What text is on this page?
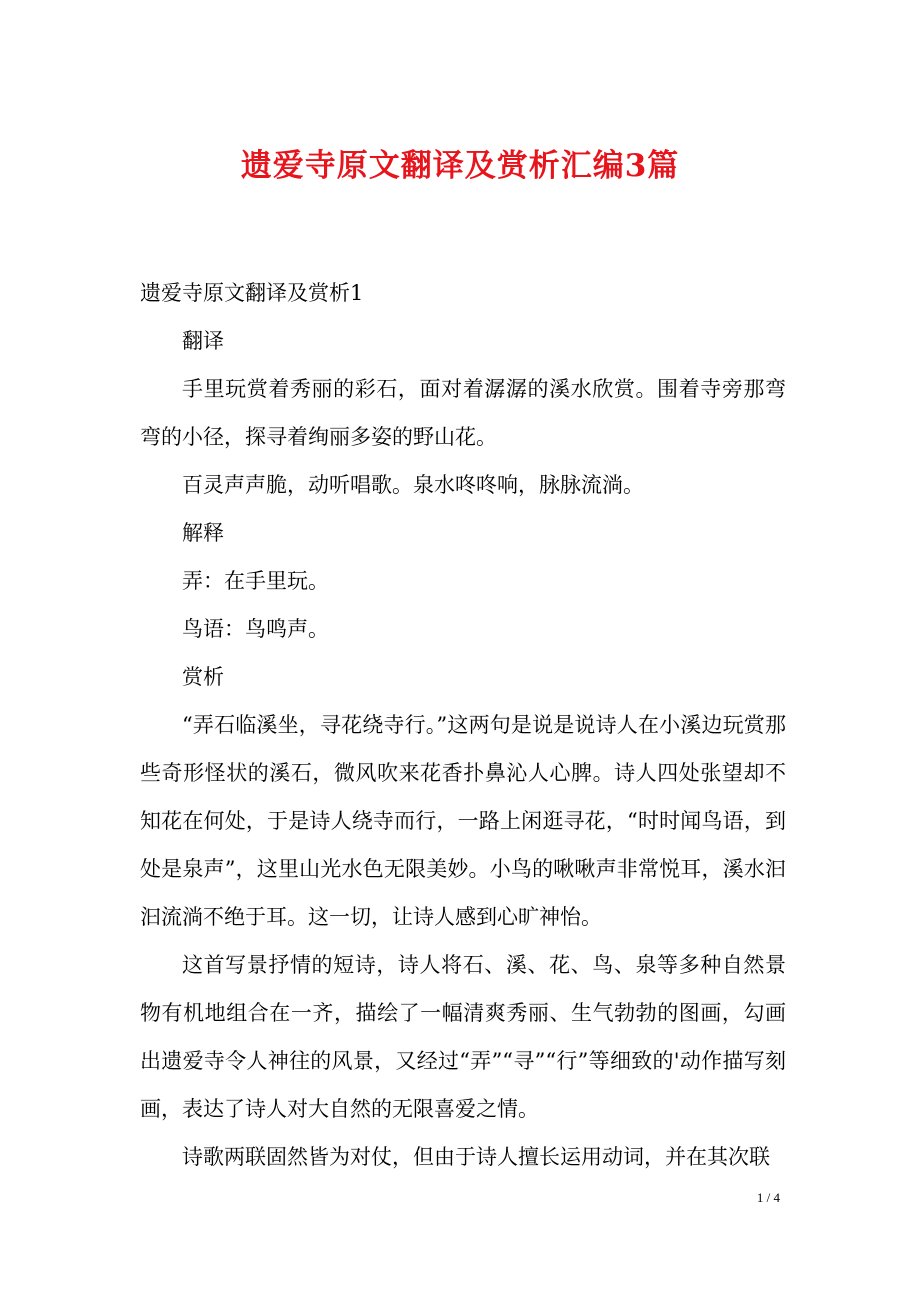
遗爱寺原文翻译及赏析汇编3篇

遗爱寺原文翻译及赏析1

翻译

手里玩赏着秀丽的彩石，面对着潺潺的溪水欣赏。围着寺旁那弯弯的小径，探寻着绚丽多姿的野山花。

百灵声声脆，动听唱歌。泉水咚咚响，脉脉流淌。

解释

弄：在手里玩。

鸟语：鸟鸣声。

赏析

“弄石临溪坐，寻花绕寺行。”这两句是说是说诗人在小溪边玩赏那些奇形怪状的溪石，微风吹来花香扑鼻沁人心脾。诗人四处张望却不知花在何处，于是诗人绕寺而行，一路上闲逛寻花，“时时闻鸟语，到处是泉声”，这里山光水色无限美妙。小鸟的啾啾声非常悦耳，溪水汩汩流淌不绝于耳。这一切，让诗人感到心旷神怡。

这首写景抒情的短诗，诗人将石、溪、花、鸟、泉等多种自然景物有机地组合在一齐，描绘了一幅清爽秀丽、生气勃勃的图画，勾画出遗爱寺令人神往的风景，又经过“弄”“寻”“行”等细致的'动作描写刻画，表达了诗人对大自然的无限喜爱之情。

诗歌两联固然皆为对仗，但由于诗人擅长运用动词，并在其次联

1 / 4
